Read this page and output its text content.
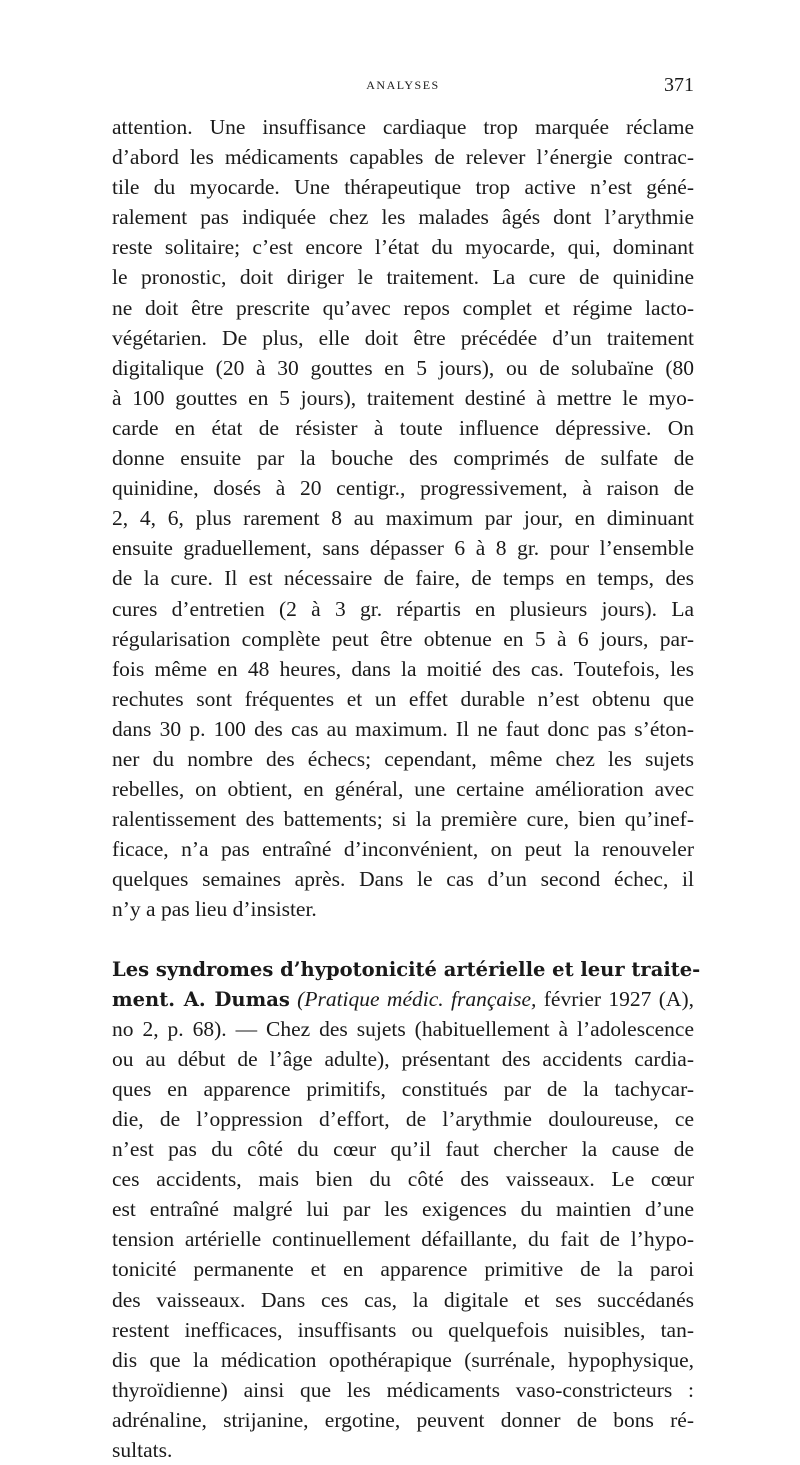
ANALYSES	371
attention. Une insuffisance cardiaque trop marquée réclame
d’abord les médicaments capables de relever l’énergie contrac-
tile du myocarde. Une thérapeutique trop active n’est géné-
ralement pas indiquée chez les malades âgés dont l’arythmie
reste solitaire; c’est encore l’état du myocarde, qui, dominant
le pronostic, doit diriger le traitement. La cure de quinidine
ne doit être prescrite qu’avec repos complet et régime lacto-
végétarien. De plus, elle doit être précédée d’un traitement
digitalique (20 à 30 gouttes en 5 jours), ou de solubaïne (80
à 100 gouttes en 5 jours), traitement destiné à mettre le myo-
carde en état de résister à toute influence dépressive. On
donne ensuite par la bouche des comprimés de sulfate de
quinidine, dosés à 20 centigr., progressivement, à raison de
2, 4, 6, plus rarement 8 au maximum par jour, en diminuant
ensuite graduellement, sans dépasser 6 à 8 gr. pour l’ensemble
de la cure. Il est nécessaire de faire, de temps en temps, des
cures d’entretien (2 à 3 gr. répartis en plusieurs jours). La
régularisation complète peut être obtenue en 5 à 6 jours, par-
fois même en 48 heures, dans la moitié des cas. Toutefois, les
rechutes sont fréquentes et un effet durable n’est obtenu que
dans 30 p. 100 des cas au maximum. Il ne faut donc pas s’éton-
ner du nombre des échecs; cependant, même chez les sujets
rebelles, on obtient, en général, une certaine amélioration avec
ralentissement des battements; si la première cure, bien qu’inef-
ficace, n’a pas entraîné d’inconvénient, on peut la renouveler
quelques semaines après. Dans le cas d’un second échec, il
n’y a pas lieu d’insister.
Les syndromes d’hypotonicité artérielle et leur traite-
ment. A. Dumas (Pratique médic. française, février 1927 (A),
no 2, p. 68). — Chez des sujets (habituellement à l’adolescence
ou au début de l’âge adulte), présentant des accidents cardia-
ques en apparence primitifs, constitués par de la tachycar-
die, de l’oppression d’effort, de l’arythmie douloureuse, ce
n’est pas du côté du cœur qu’il faut chercher la cause de
ces accidents, mais bien du côté des vaisseaux. Le cœur
est entraîné malgré lui par les exigences du maintien d’une
tension artérielle continuellement défaillante, du fait de l’hypo-
tonicité permanente et en apparence primitive de la paroi
des vaisseaux. Dans ces cas, la digitale et ses succédanés
restent inefficaces, insuffisants ou quelquefois nuisibles, tan-
dis que la médication opothérapique (surrénale, hypophysique,
thyroïdienne) ainsi que les médicaments vaso-constricteurs :
adrénaline, strijanine, ergotine, peuvent donner de bons ré-
sultats.
